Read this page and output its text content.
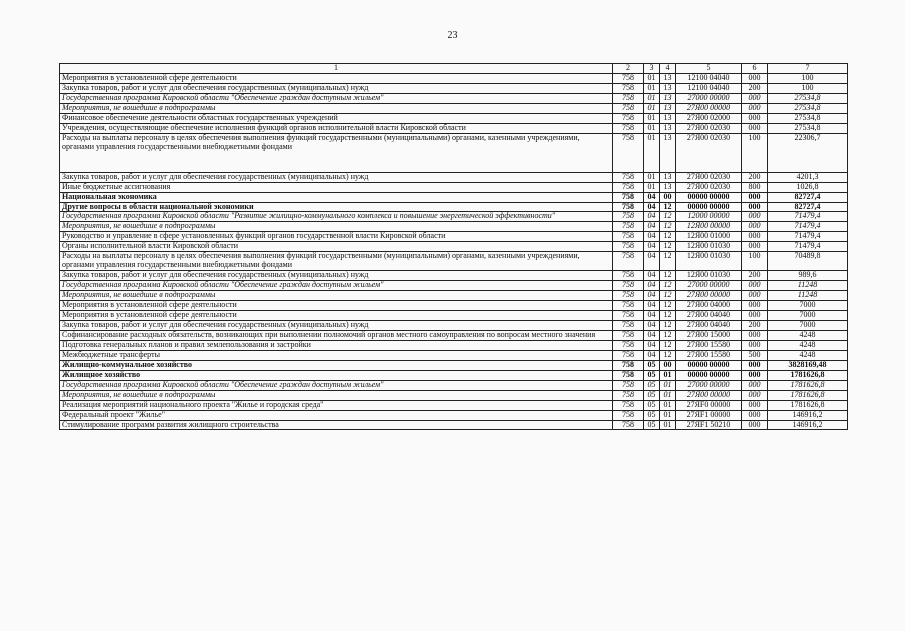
23
1	2	3	4	5	6	7
Мероприятия в установленной сфере деятельности	758	01	13	12100 04040	000	100
Закупка товаров, работ и услуг для обеспечения государственных (муниципальных) нужд	758	01	13	12100 04040	200	100
Государственная программа Кировской области "Обеспечение граждан доступным жильем"	758	01	13	27000 00000	000	27534,8
Мероприятия, не вошедшие в подпрограммы	758	01	13	27Я00 00000	000	27534,8
Финансовое обеспечение деятельности областных государственных учреждений	758	01	13	27Я00 02000	000	27534,8
Учреждения, осуществляющие обеспечение исполнения функций органов исполнительной власти Кировской области	758	01	13	27Я00 02030	000	27534,8
Расходы на выплаты персоналу в целях обеспечения выполнения функций государственными (муниципальными) органами, казенными учреждениями, органами управления государственными внебюджетными фондами	758	01	13	27Я00 02030	100	22306,7
Закупка товаров, работ и услуг для обеспечения государственных (муниципальных) нужд	758	01	13	27Я00 02030	200	4201,3
Иные бюджетные ассигнования	758	01	13	27Я00 02030	800	1026,8
Национальная экономика	758	04	00	00000 00000	000	82727,4
Другие вопросы в области национальной экономики	758	04	12	00000 00000	000	82727,4
Государственная программа Кировской области "Развитие жилищно-коммунального комплекса и повышение энергетической эффективности"	758	04	12	12000 00000	000	71479,4
Мероприятия, не вошедшие в подпрограммы	758	04	12	12Я00 00000	000	71479,4
Руководство и управление в сфере установленных функций органов государственной власти Кировской области	758	04	12	12Я00 01000	000	71479,4
Органы исполнительной власти Кировской области	758	04	12	12Я00 01030	000	71479,4
Расходы на выплаты персоналу в целях обеспечения выполнения функций государственными (муниципальными) органами, казенными учреждениями, органами управления государственными внебюджетными фондами	758	04	12	12Я00 01030	100	70489,8
Закупка товаров, работ и услуг для обеспечения государственных (муниципальных) нужд	758	04	12	12Я00 01030	200	989,6
Государственная программа Кировской области "Обеспечение граждан доступным жильем"	758	04	12	27000 00000	000	11248
Мероприятия, не вошедшие в подпрограммы	758	04	12	27Я00 00000	000	11248
Мероприятия в установленной сфере деятельности	758	04	12	27Я00 04000	000	7000
Мероприятия в установленной сфере деятельности	758	04	12	27Я00 04040	000	7000
Закупка товаров, работ и услуг для обеспечения государственных (муниципальных) нужд	758	04	12	27Я00 04040	200	7000
Софинансирование расходных обязательств, возникающих при выполнении полномочий органов местного самоуправления по вопросам местного значения	758	04	12	27Я00 15000	000	4248
Подготовка генеральных планов и правил землепользования и застройки	758	04	12	27Я00 15580	000	4248
Межбюджетные трансферты	758	04	12	27Я00 15580	500	4248
Жилищно-коммунальное хозяйство	758	05	00	00000 00000	000	3828169,48
Жилищное хозяйство	758	05	01	00000 00000	000	1781626,8
Государственная программа Кировской области "Обеспечение граждан доступным жильем"	758	05	01	27000 00000	000	1781626,8
Мероприятия, не вошедшие в подпрограммы	758	05	01	27Я00 00000	000	1781626,8
Реализация мероприятий национального проекта "Жилье и городская среда"	758	05	01	27ЯF0 00000	000	1781626,8
Федеральный проект "Жилье"	758	05	01	27ЯF1 00000	000	146916,2
Стимулирование программ развития жилищного строительства	758	05	01	27ЯF1 50210	000	146916,2
